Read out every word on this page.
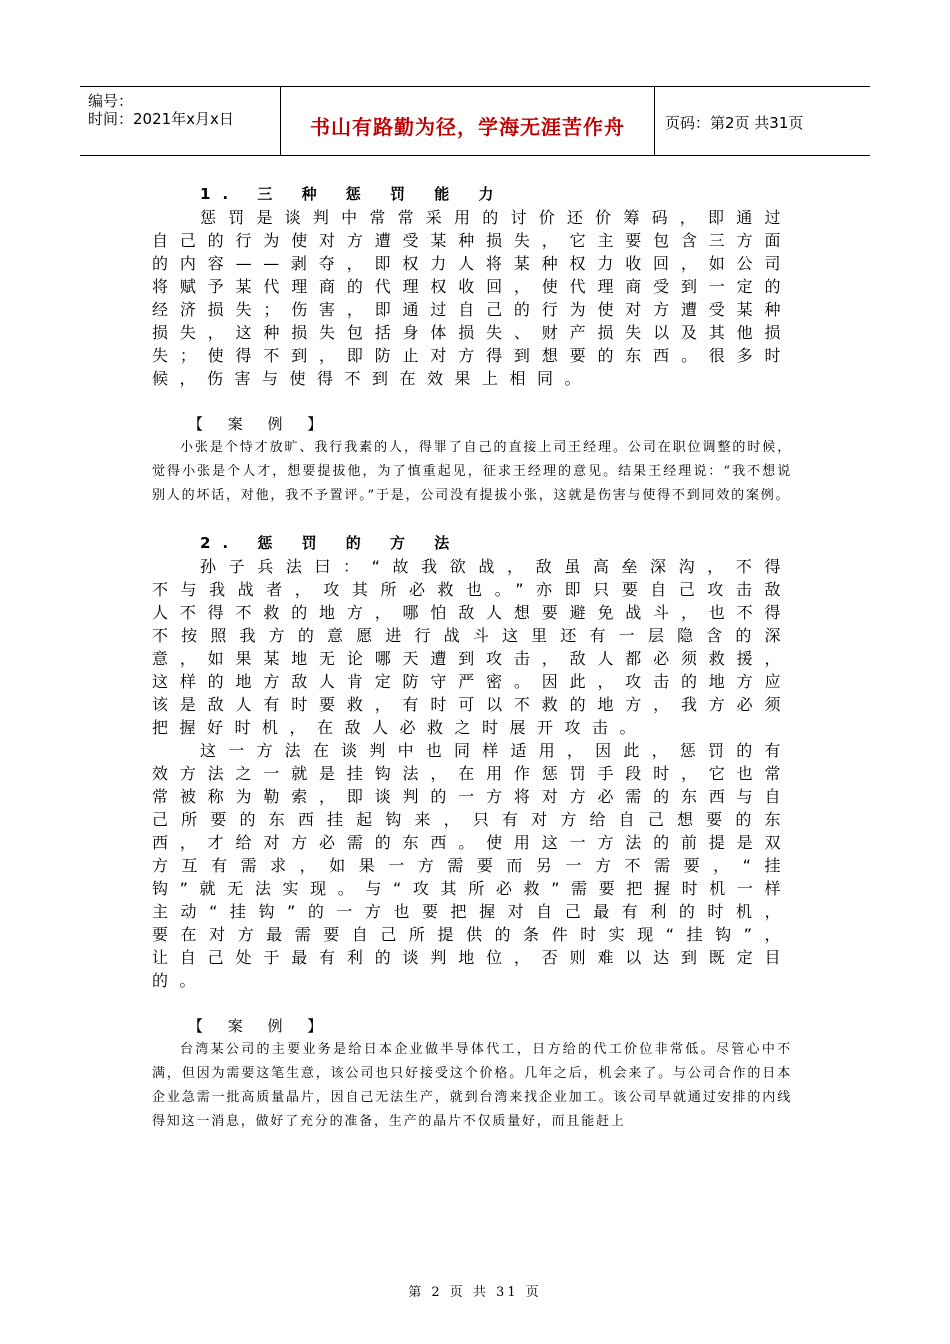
编号：
时间：2021年x月x日	书山有路勤为径，学海无涯苦作舟	页码：第2页 共31页
1. 三 种 惩 罚 能 力

惩罚是谈判中常常采用的讨价还价筹码，即通过自己的行为使对方遭受某种损失，它主要包含三方面的内容——剥夺，即权力人将某种权力收回，如公司将赋予某代理商的代理权收回，使代理商受到一定的经济损失；伤害，即通过自己的行为使对方遭受某种损失，这种损失包括身体损失、财产损失以及其他损失；使得不到，即防止对方得到想要的东西。很多时候，伤害与使得不到在效果上相同。

【 案 例 】

小张是个恃才放旷、我行我素的人，得罪了自己的直接上司王经理。公司在职位调整的时候，觉得小张是个人才，想要提拔他，为了慎重起见，征求王经理的意见。结果王经理说：“我不想说别人的坏话，对他，我不予置评。”于是，公司没有提拔小张，这就是伤害与使得不到同效的案例。

2. 惩 罚 的 方 法

孙子兵法曰：“故我欲战，敌虽高垒深沟，不得不与我战者，攻其所必救也。”亦即只要自己攻击敌人不得不救的地方，哪怕敌人想要避免战斗，也不得不按照我方的意愿进行战斗这里还有一层隐含的深意，如果某地无论哪天遭到攻击，敌人都必须救援，这样的地方敌人肯定防守严密。因此，攻击的地方应该是敌人有时要救，有时可以不救的地方，我方必须把握好时机，在敌人必救之时展开攻击。

这一方法在谈判中也同样适用，因此，惩罚的有效方法之一就是挂钩法，在用作惩罚手段时，它也常常被称为勒索，即谈判的一方将对方必需的东西与自己所要的东西挂起钩来，只有对方给自己想要的东西，才给对方必需的东西。使用这一方法的前提是双方互有需求，如果一方需要而另一方不需要，“挂钩”就无法实现。与“攻其所必救”需要把握时机一样主动“挂钩”的一方也要把握对自己最有利的时机，要在对方最需要自己所提供的条件时实现“挂钩”，让自己处于最有利的谈判地位，否则难以达到既定目的。

【 案 例 】

台湾某公司的主要业务是给日本企业做半导体代工，日方给的代工价位非常低。尽管心中不满，但因为需要这笔生意，该公司也只好接受这个价格。几年之后，机会来了。与公司合作的日本企业急需一批高质量晶片，因自己无法生产，就到台湾来找企业加工。该公司早就通过安排的内线得知这一消息，做好了充分的准备，生产的晶片不仅质量好，而且能赶上

第 2 页 共 31 页
